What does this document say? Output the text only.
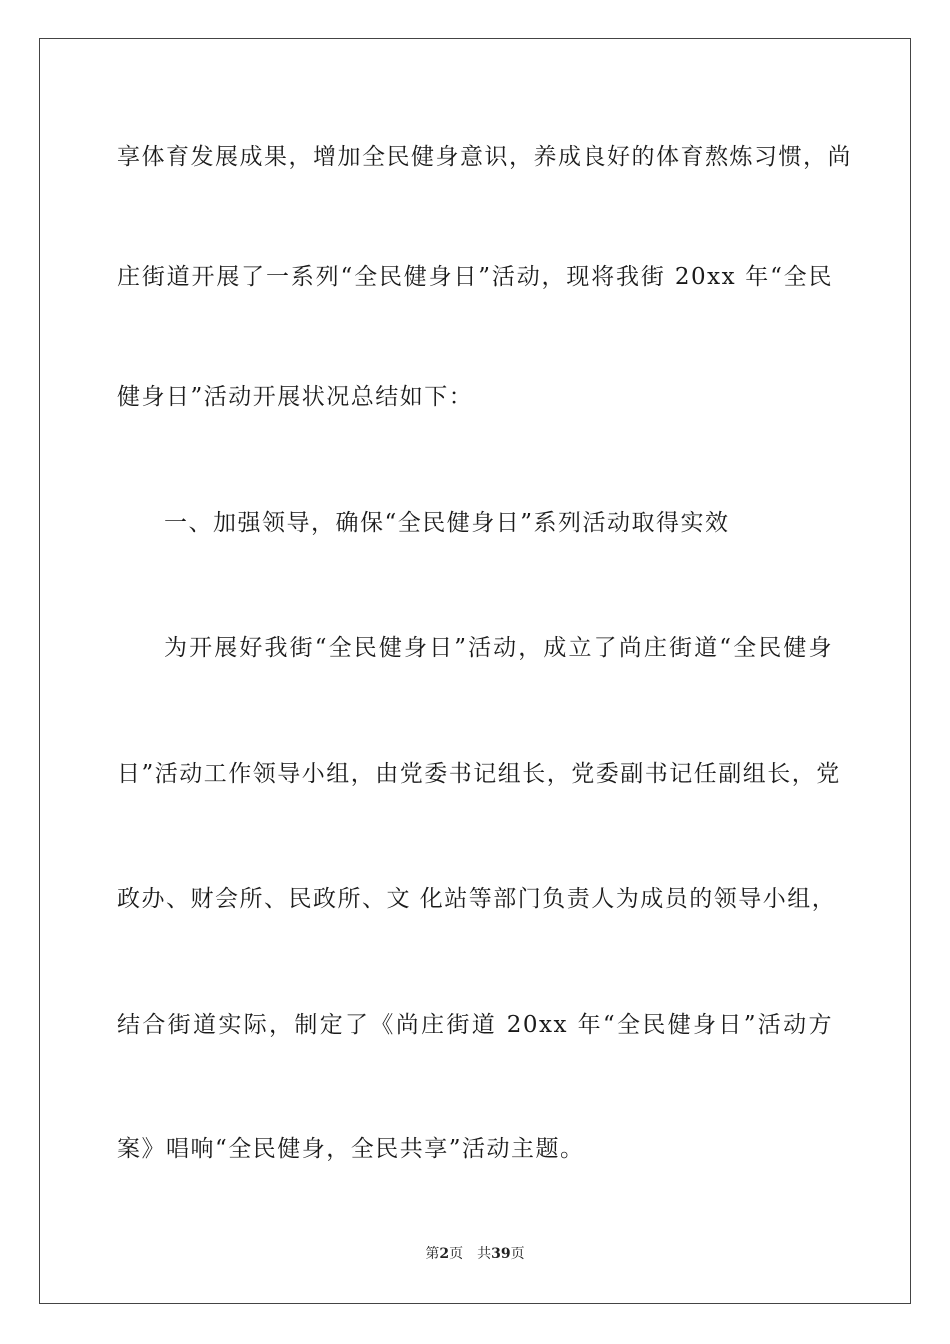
享体育发展成果，增加全民健身意识，养成良好的体育熬炼习惯，尚
庄街道开展了一系列“全民健身日”活动，现将我街 20xx 年“全民
健身日”活动开展状况总结如下：
一、加强领导，确保“全民健身日”系列活动取得实效
为开展好我街“全民健身日”活动，成立了尚庄街道“全民健身
日”活动工作领导小组，由党委书记组长，党委副书记任副组长，党
政办、财会所、民政所、文 化站等部门负责人为成员的领导小组，
结合街道实际，制定了《尚庄街道 20xx 年“全民健身日”活动方
案》唱响“全民健身，全民共享”活动主题。
第2页 共39页
